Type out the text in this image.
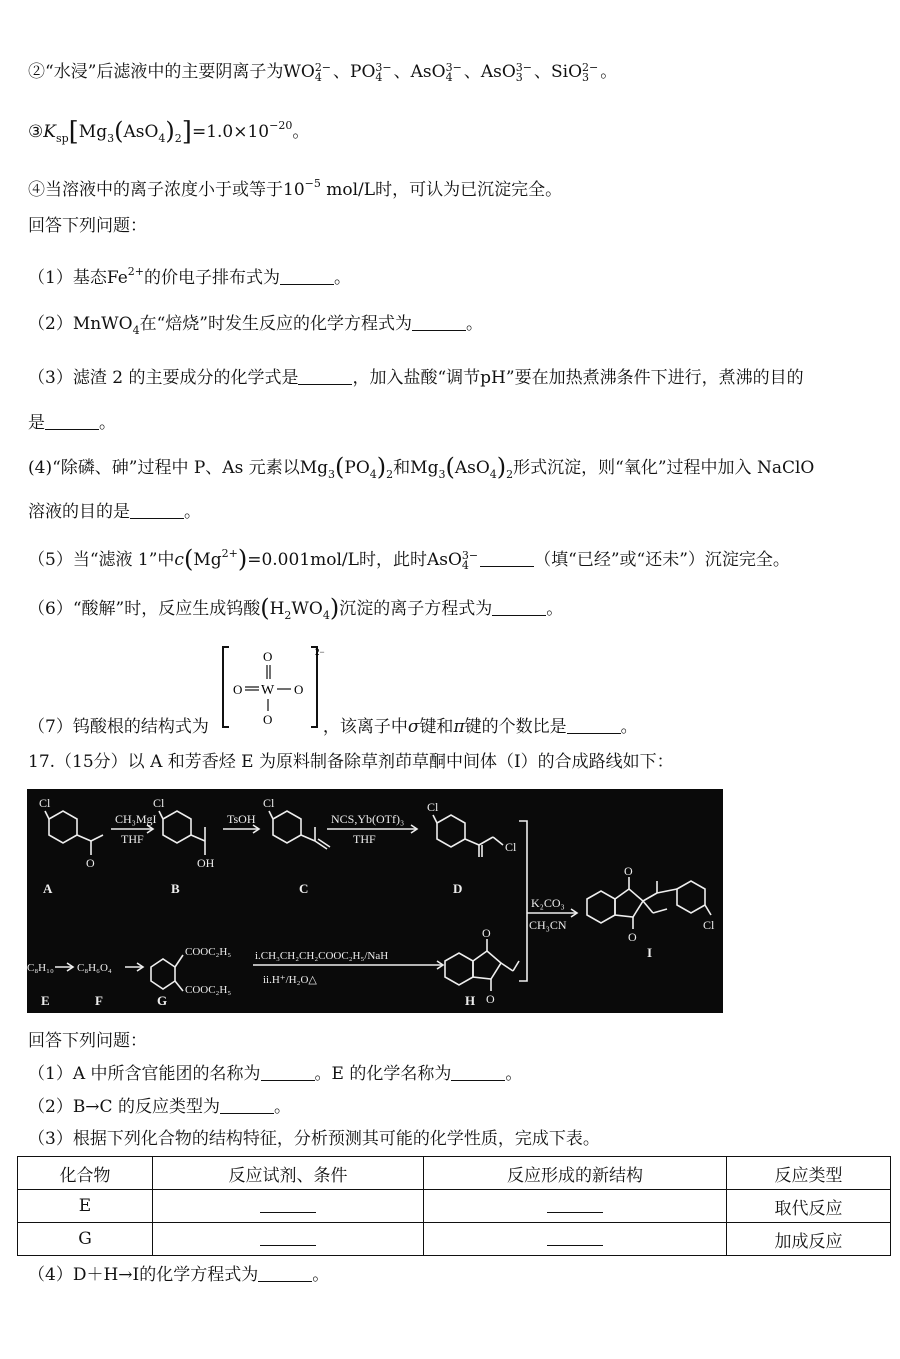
②“水浸”后滤液中的主要阴离子为WO 2−
4 、PO 3−
4 、AsO 3−
4 、AsO 3−
3 、SiO 2−
3 。
$③K_{sp}[Mg_3(AsO_4)_2]=1.0\times 10^{-20}$。
④当溶液中的离子浓度小于或等于$10^{-5}$ mol/L时，可认为已沉淀完全。
回答下列问题：
（1）基态$Fe^{2+}$的价电子排布式为	。
（2）MnWO$_4$在“焙烧”时发生反应的化学方程式为	。
（3）滤渣 2 的主要成分的化学式是	，加入盐酸“调节pH”要在加热煮沸条件下进行，煮沸的目的
是	。
(4)“除磷、砷”过程中 P、As 元素以$Mg_3(PO_4)_2$和$Mg_3(AsO_4)_2$形式沉淀，则“氧化”过程中加入 NaClO
溶液的目的是	。
（5）当“滤液 1”中$c(Mg^{2+})=0.001mol/L$时，此时AsO 3−
4	（填“已经”或“还未”）沉淀完全。
（6）“酸解”时，反应生成钨酸$(H_2WO_4)$沉淀的离子方程式为	。
O
O W O
O
2−
（7）钨酸根的结构式为	，该离子中σ键和π键的个数比是	。
17.（15分）以 A 和芳香烃 E 为原料制备除草剂茚草酮中间体（Ⅰ）的合成路线如下：
Cl	Cl	Cl	Cl
Cl
Cl
O	OH
O
O
O
O
CH₃MgI
THF
TsOH	NCS,Yb(OTf)₃
THF
K₂CO₃
CH₃CN
i.CH₃CH₂CH₂COOC₂H₅/NaH
ii.H⁺/H₂O△
C₈H₁₀ C₈H₆O₄
COOC₂H₅
COOC₂H₅
A	B	C	D
E	F	G	H
I
回答下列问题：
（1）A 中所含官能团的名称为	。E 的化学名称为	。
（2）B→C 的反应类型为	。
（3）根据下列化合物的结构特征，分析预测其可能的化学性质，完成下表。
化合物	反应试剂、条件	反应形成的新结构	反应类型
E			取代反应
G			加成反应
（4）D＋H→I的化学方程式为	。
